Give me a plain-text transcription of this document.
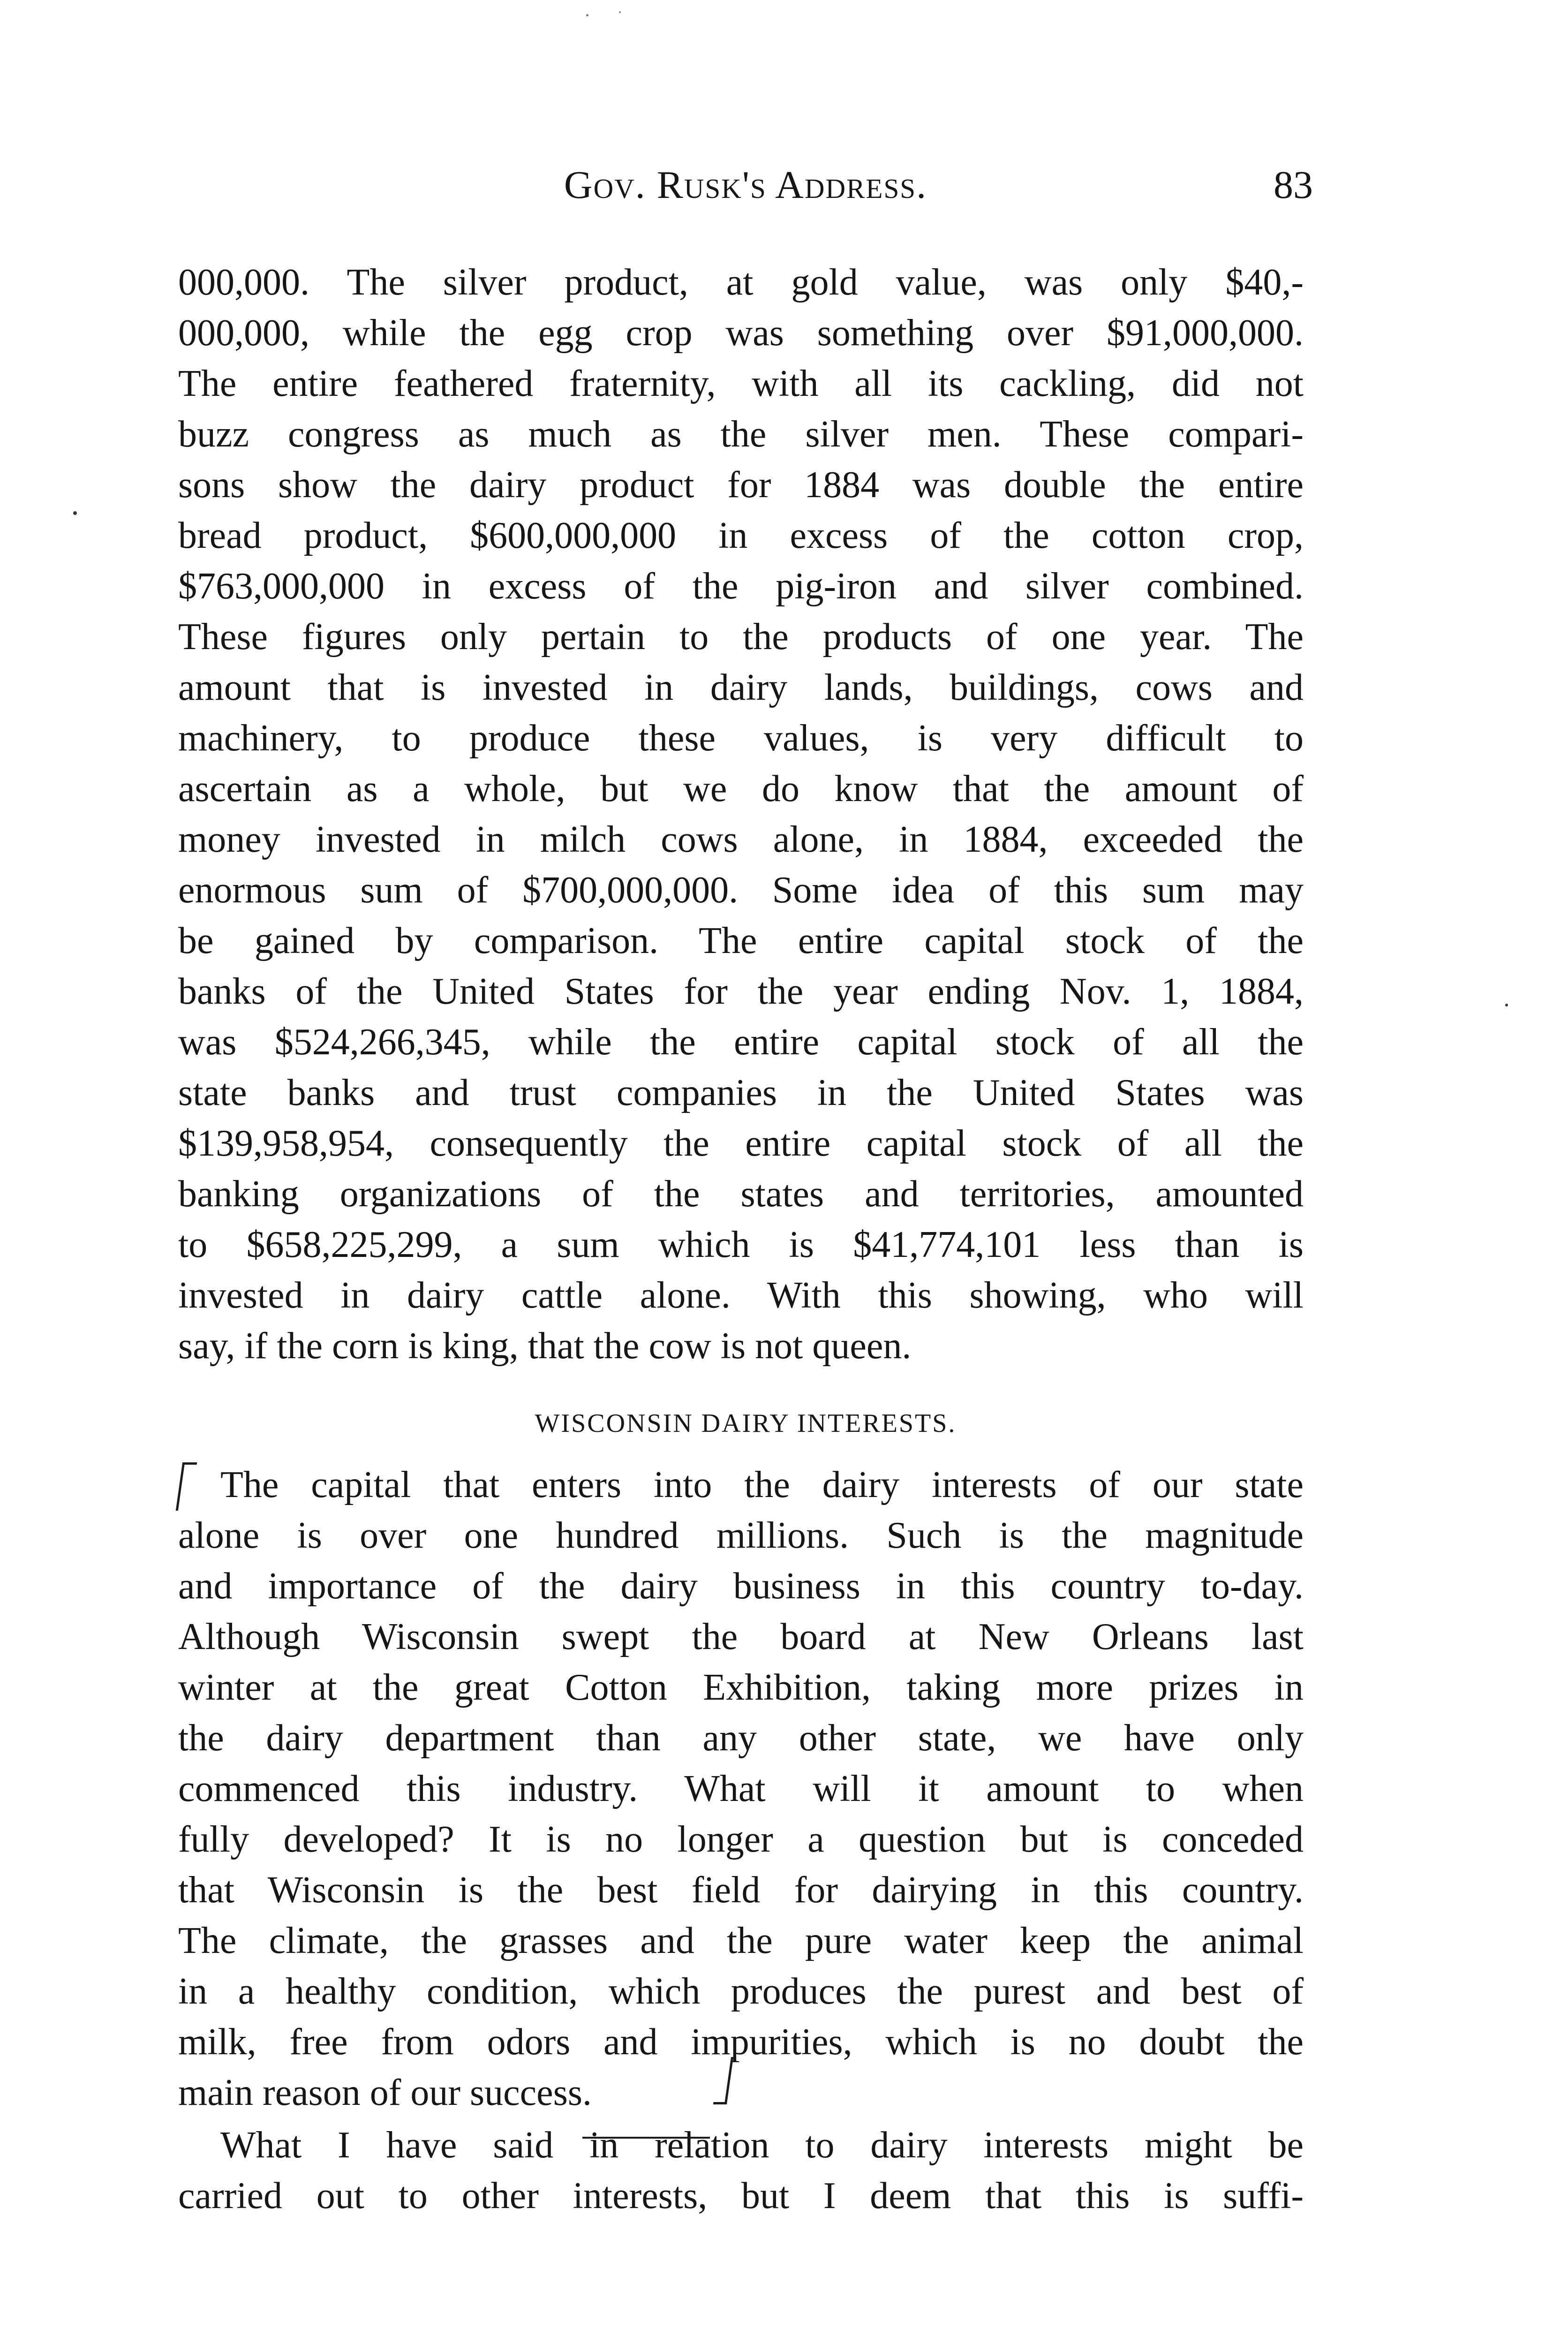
Gov. Rusk's Address.	83
000,000. The silver product, at gold value, was only $40,-
000,000, while the egg crop was something over $91,000,000.
The entire feathered fraternity, with all its cackling, did not
buzz congress as much as the silver men. These compari-
sons show the dairy product for 1884 was double the entire
bread product, $600,000,000 in excess of the cotton crop,
$763,000,000 in excess of the pig-iron and silver combined.
These figures only pertain to the products of one year. The
amount that is invested in dairy lands, buildings, cows and
machinery, to produce these values, is very difficult to
ascertain as a whole, but we do know that the amount of
money invested in milch cows alone, in 1884, exceeded the
enormous sum of $700,000,000. Some idea of this sum may
be gained by comparison. The entire capital stock of the
banks of the United States for the year ending Nov. 1, 1884,
was $524,266,345, while the entire capital stock of all the
state banks and trust companies in the United States was
$139,958,954, consequently the entire capital stock of all the
banking organizations of the states and territories, amounted
to $658,225,299, a sum which is $41,774,101 less than is
invested in dairy cattle alone. With this showing, who will
say, if the corn is king, that the cow is not queen.
WISCONSIN DAIRY INTERESTS.
The capital that enters into the dairy interests of our state
alone is over one hundred millions. Such is the magnitude
and importance of the dairy business in this country to-day.
Although Wisconsin swept the board at New Orleans last
winter at the great Cotton Exhibition, taking more prizes in
the dairy department than any other state, we have only
commenced this industry. What will it amount to when
fully developed? It is no longer a question but is conceded
that Wisconsin is the best field for dairying in this country.
The climate, the grasses and the pure water keep the animal
in a healthy condition, which produces the purest and best of
milk, free from odors and impurities, which is no doubt the
main reason of our success.
What I have said in relation to dairy interests might be
carried out to other interests, but I deem that this is suffi-
